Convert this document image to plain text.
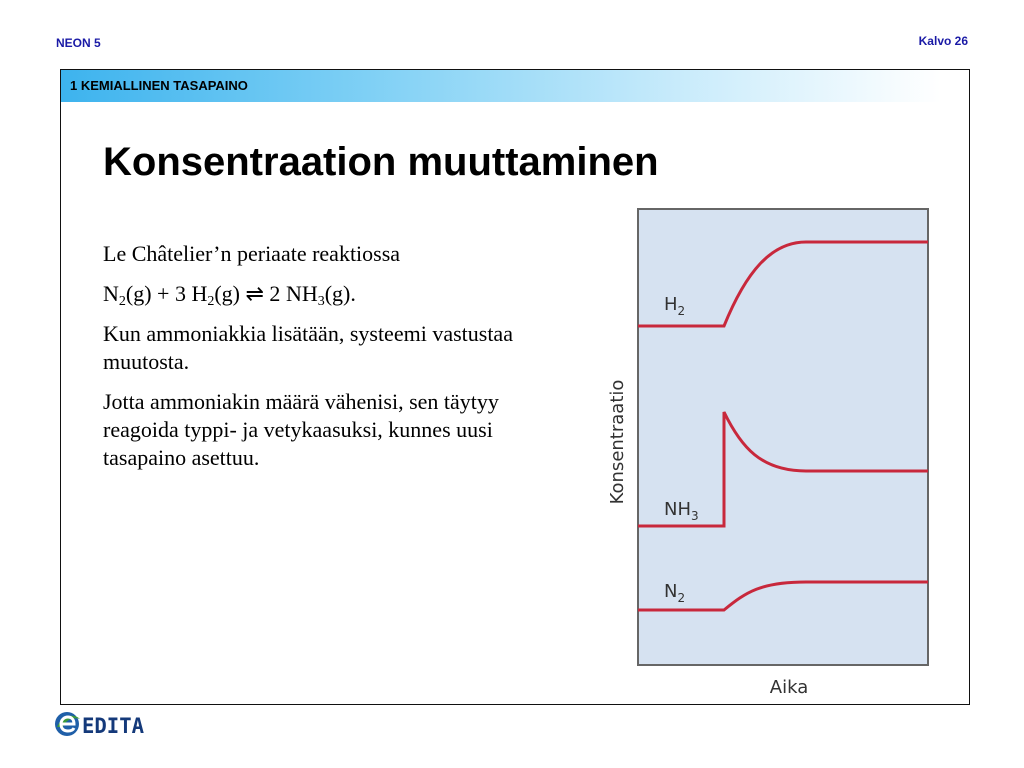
NEON 5	Kalvo 26
1 KEMIALLINEN TASAPAINO
Konsentraation muuttaminen

Le Châtelier’n periaate reaktiossa

$N_2(g) + 3$ $H_2(g)$ ⇌ 2 $NH_3(g)$.

Kun ammoniakkia lisätään, systeemi vastustaa muutosta.

Jotta ammoniakin määrä vähenisi, sen täytyy reagoida typpi- ja vetykaasuksi, kunnes uusi tasapaino asettuu.

$H_2$
$NH_3$
$N_2$
Konsentraatio
Aika
EDITA
